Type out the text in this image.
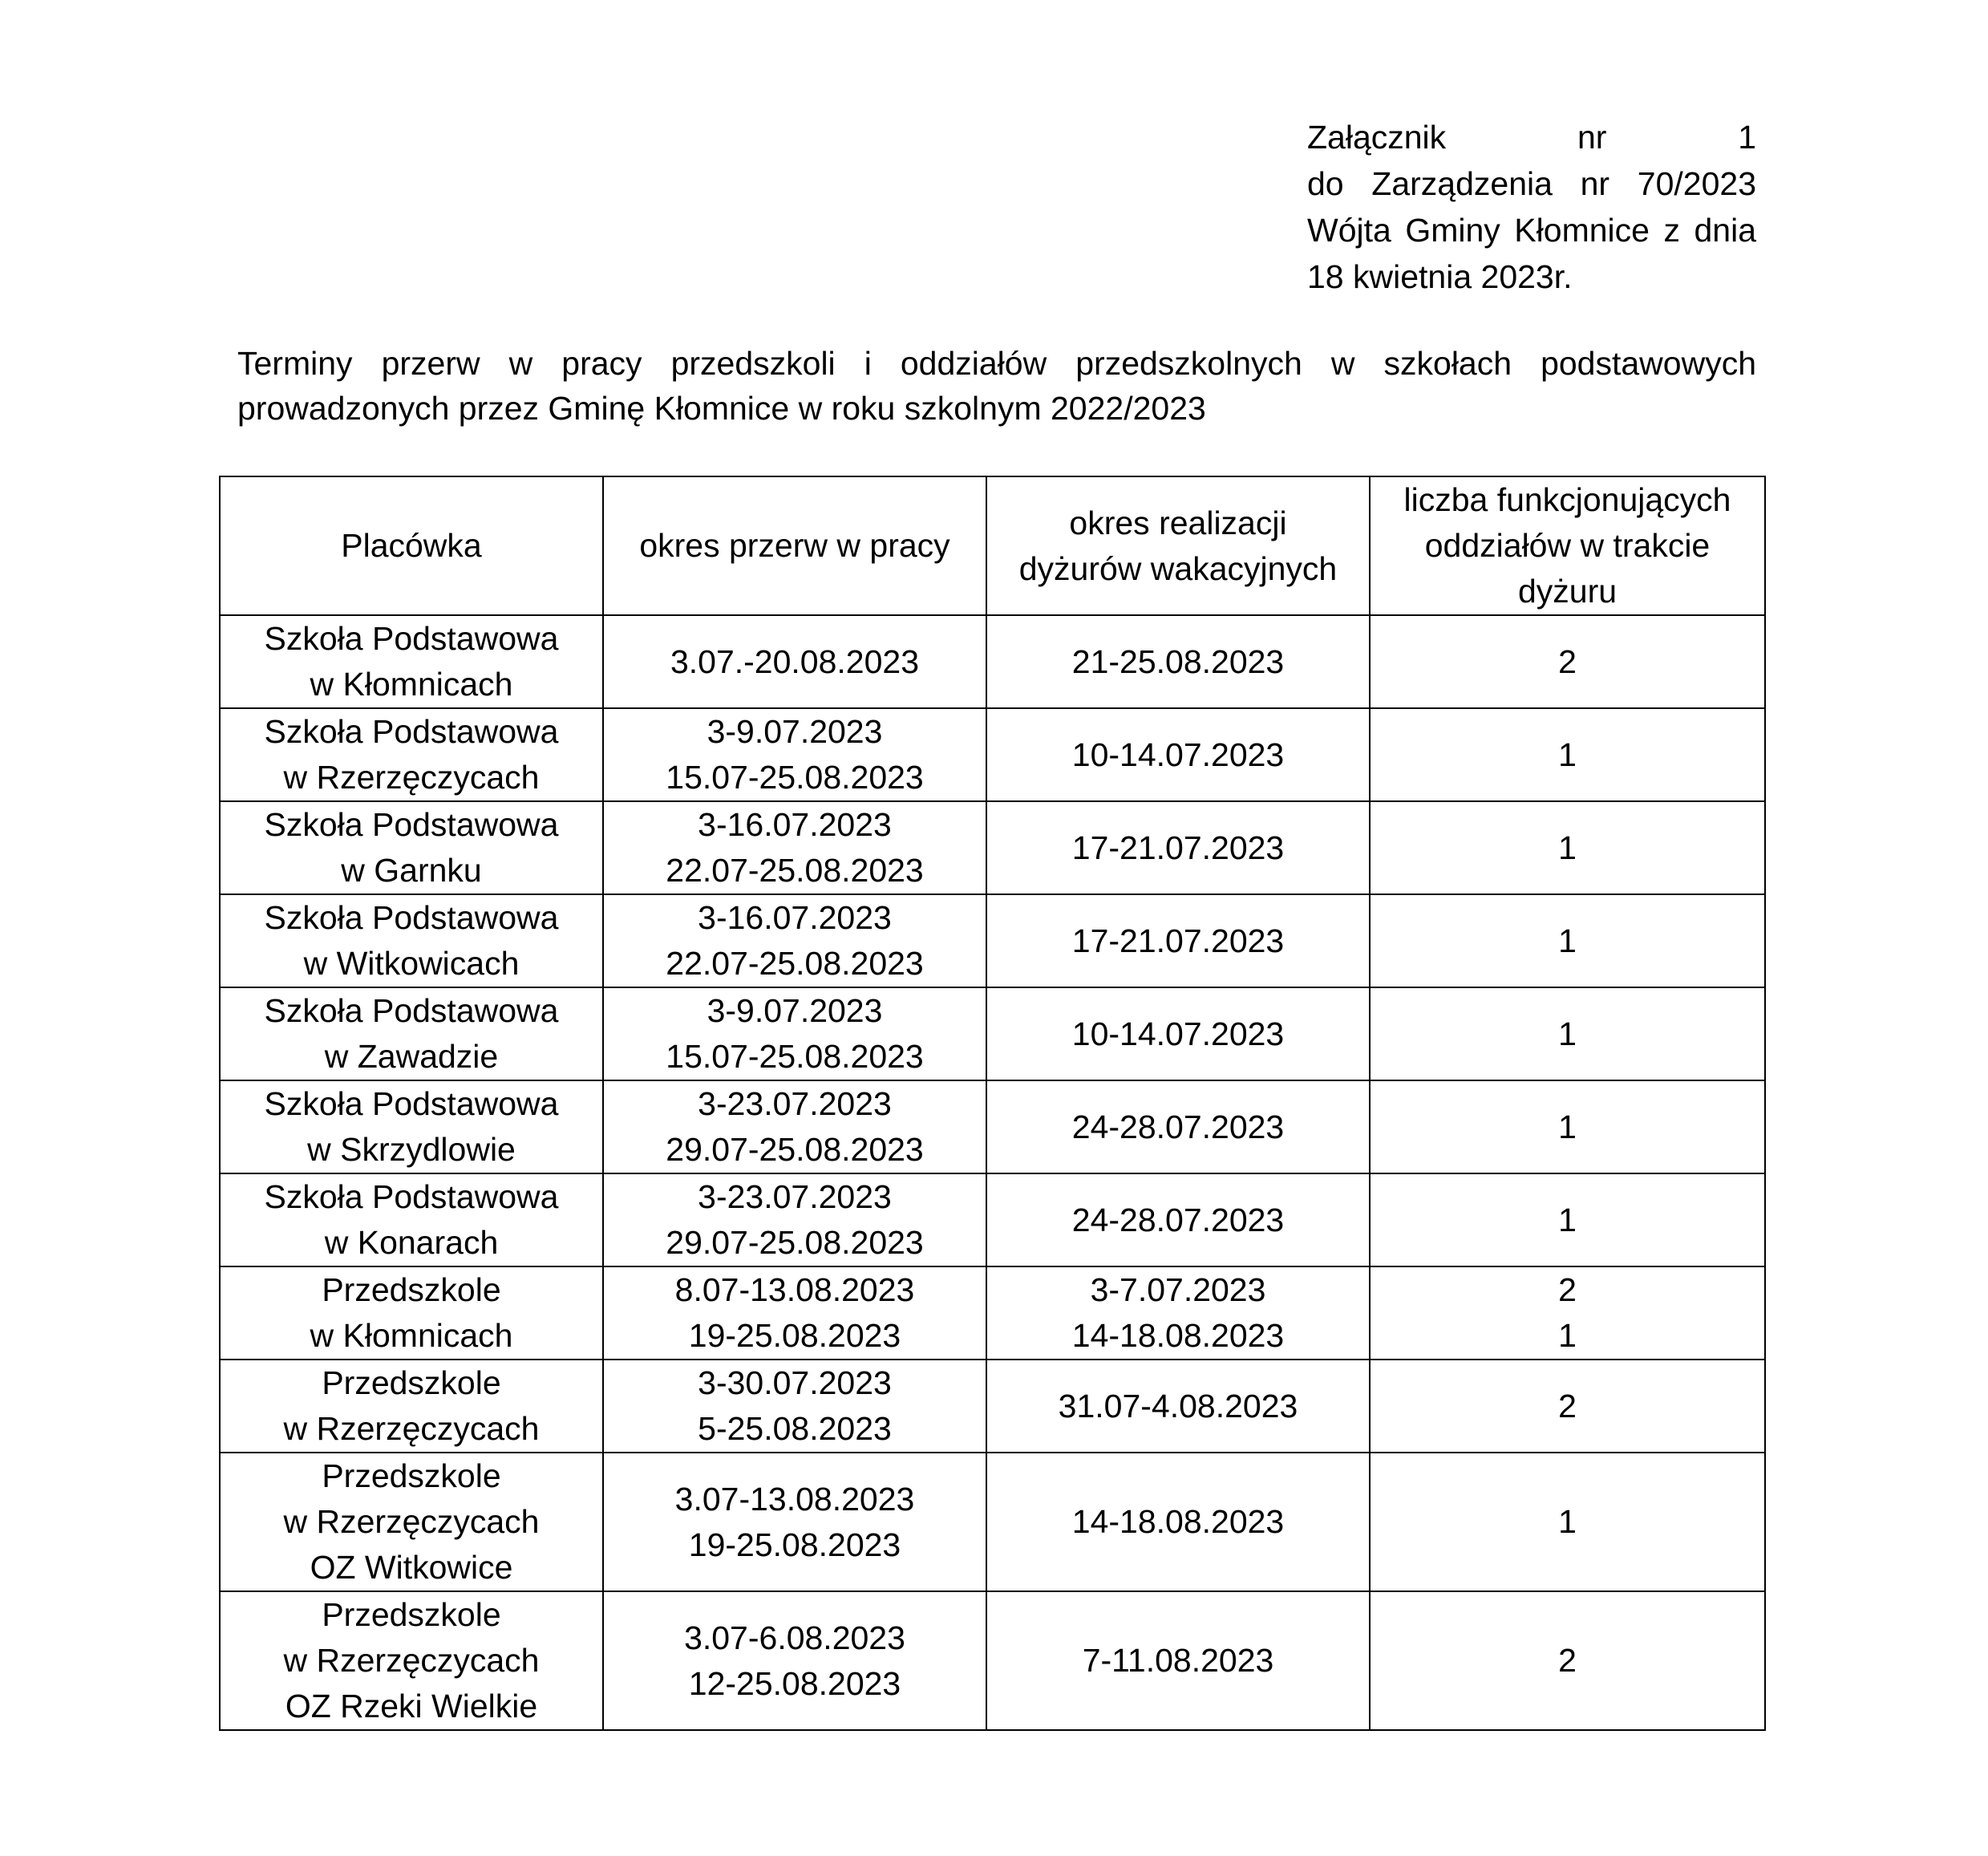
Załącznik nr 1
do Zarządzenia nr 70/2023
Wójta Gminy Kłomnice z dnia
18 kwietnia 2023r.
Terminy przerw w pracy przedszkoli i oddziałów przedszkolnych w szkołach podstawowych
prowadzonych przez Gminę Kłomnice w roku szkolnym 2022/2023
Placówka	okres przerw w pracy	okres realizacji
dyżurów wakacyjnych	liczba funkcjonujących
oddziałów w trakcie
dyżuru

Szkoła Podstawowa
w Kłomnicach	3.07.-20.08.2023	21-25.08.2023	2

Szkoła Podstawowa
w Rzerzęczycach	3-9.07.2023
15.07-25.08.2023	10-14.07.2023	1

Szkoła Podstawowa
w Garnku	3-16.07.2023
22.07-25.08.2023	17-21.07.2023	1

Szkoła Podstawowa
w Witkowicach	3-16.07.2023
22.07-25.08.2023	17-21.07.2023	1

Szkoła Podstawowa
w Zawadzie	3-9.07.2023
15.07-25.08.2023	10-14.07.2023	1

Szkoła Podstawowa
w Skrzydlowie	3-23.07.2023
29.07-25.08.2023	24-28.07.2023	1

Szkoła Podstawowa
w Konarach	3-23.07.2023
29.07-25.08.2023	24-28.07.2023	1

Przedszkole
w Kłomnicach	8.07-13.08.2023
19-25.08.2023	3-7.07.2023
14-18.08.2023	2
1

Przedszkole
w Rzerzęczycach	3-30.07.2023
5-25.08.2023	31.07-4.08.2023	2

Przedszkole
w Rzerzęczycach
OZ Witkowice	3.07-13.08.2023
19-25.08.2023	14-18.08.2023	1

Przedszkole
w Rzerzęczycach
OZ Rzeki Wielkie	3.07-6.08.2023
12-25.08.2023	7-11.08.2023	2
